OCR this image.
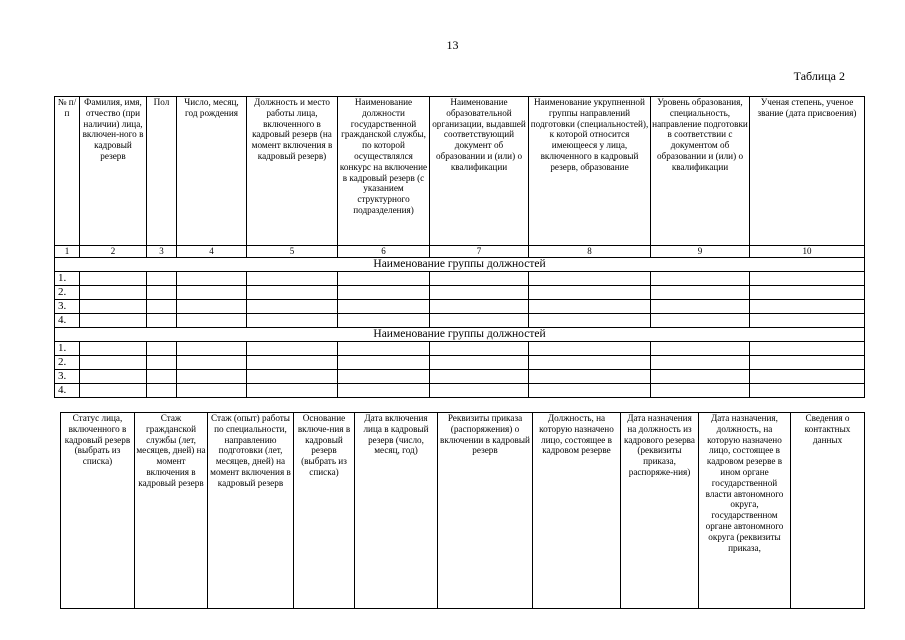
13
Таблица 2
№ п/п	Фамилия, имя, отчество (при наличии) лица, включен-ного в кадровый резерв	Пол	Число, месяц, год рождения	Должность и место работы лица, включенного в кадровый резерв (на момент включения в кадровый резерв)	Наименование должности государственной гражданской службы, по которой осуществлялся конкурс на включение в кадровый резерв (с указанием структурного подразделения)	Наименование образовательной организации, выдавшей соответствующий документ об образовании и (или) о квалификации	Наименование укрупненной группы направлений подготовки (специальностей), к которой относится имеющееся у лица, включенного в кадровый резерв, образование	Уровень образования, специальность, направление подготовки в соответствии с документом об образовании и (или) о квалификации	Ученая степень, ученое звание (дата присвоения)
1	2	3	4	5	6	7	8	9	10
Наименование группы должностей									
1.									
2.									
3.									
4.									
Наименование группы должностей									
1.									
2.									
3.									
4.									
Статус лица, включенного в кадровый резерв (выбрать из списка)	Стаж гражданской службы (лет, месяцев, дней) на момент включения в кадровый резерв	Стаж (опыт) работы по специальности, направлению подготовки (лет, месяцев, дней) на момент включения в кадровый резерв	Основание включе-ния в кадровый резерв (выбрать из списка)	Дата включения лица в кадровый резерв (число, месяц, год)	Реквизиты приказа (распоряжения) о включении в кадровый резерв	Должность, на которую назначено лицо, состоящее в кадровом резерве	Дата назначения на должность из кадрового резерва (реквизиты приказа, распоряже-ния)	Дата назначения, должность, на которую назначено лицо, состоящее в кадровом резерве в ином органе государственной власти автономного округа, государственном органе автономного округа (реквизиты приказа,	Сведения о контактных данных
